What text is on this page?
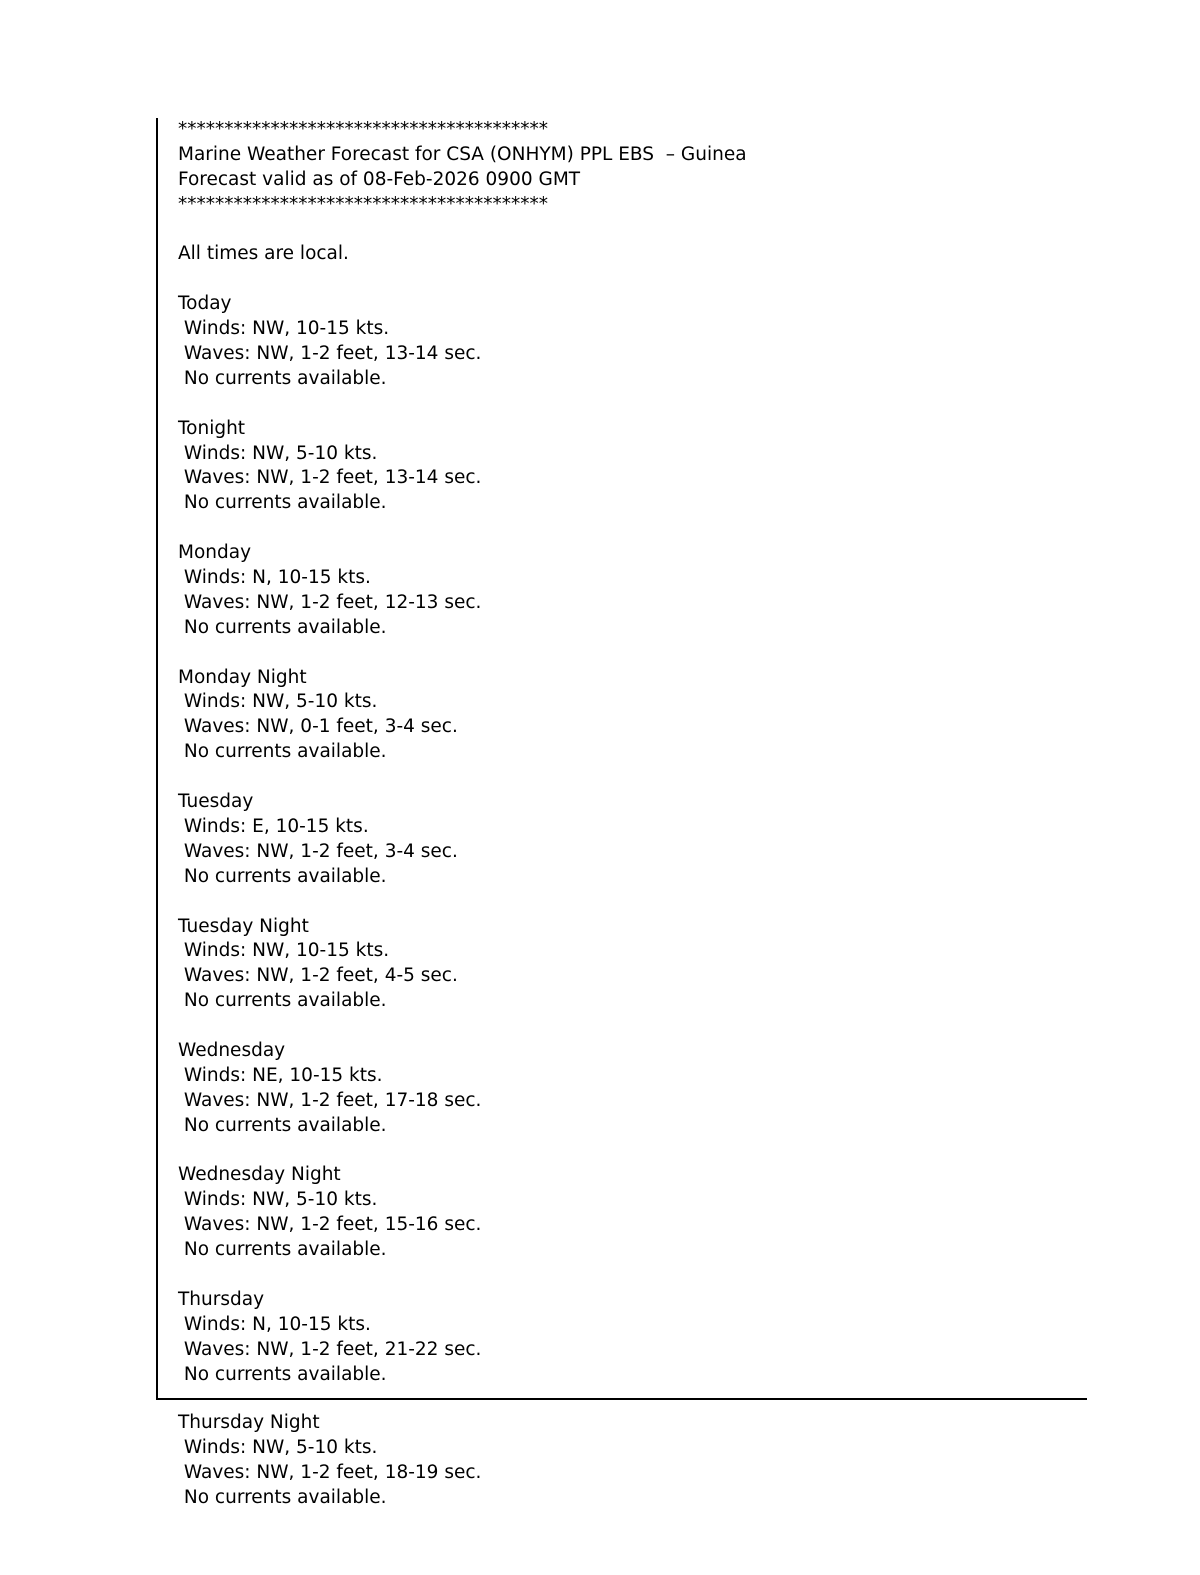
****************************************
Marine Weather Forecast for CSA (ONHYM) PPL EBS  – Guinea
Forecast valid as of 08-Feb-2026 0900 GMT
****************************************
All times are local.
Today
Winds: NW, 10-15 kts.
Waves: NW, 1-2 feet, 13-14 sec.
No currents available.
Tonight
Winds: NW, 5-10 kts.
Waves: NW, 1-2 feet, 13-14 sec.
No currents available.
Monday
Winds: N, 10-15 kts.
Waves: NW, 1-2 feet, 12-13 sec.
No currents available.
Monday Night
Winds: NW, 5-10 kts.
Waves: NW, 0-1 feet, 3-4 sec.
No currents available.
Tuesday
Winds: E, 10-15 kts.
Waves: NW, 1-2 feet, 3-4 sec.
No currents available.
Tuesday Night
Winds: NW, 10-15 kts.
Waves: NW, 1-2 feet, 4-5 sec.
No currents available.
Wednesday
Winds: NE, 10-15 kts.
Waves: NW, 1-2 feet, 17-18 sec.
No currents available.
Wednesday Night
Winds: NW, 5-10 kts.
Waves: NW, 1-2 feet, 15-16 sec.
No currents available.
Thursday
Winds: N, 10-15 kts.
Waves: NW, 1-2 feet, 21-22 sec.
No currents available.
Thursday Night
Winds: NW, 5-10 kts.
Waves: NW, 1-2 feet, 18-19 sec.
No currents available.
